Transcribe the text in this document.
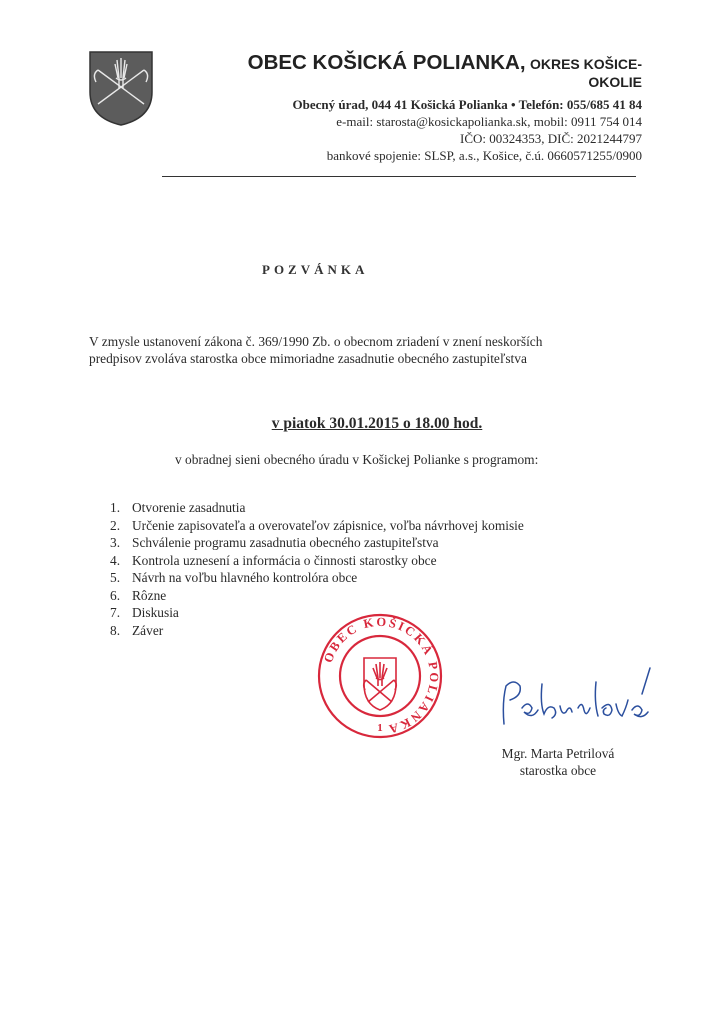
OBEC KOŠICKÁ POLIANKA, OKRES KOŠICE-
OKOLIE
Obecný úrad, 044 41 Košická Polianka • Telefón: 055/685 41 84
e-mail: starosta@kosickapolianka.sk, mobil: 0911 754 014
IČO: 00324353, DIČ: 2021244797
bankové spojenie: SLSP, a.s., Košice, č.ú. 0660571255/0900
POZVÁNKA
V zmysle ustanovení zákona č. 369/1990 Zb. o obecnom zriadení v znení neskorších
predpisov zvoláva starostka obce mimoriadne zasadnutie obecného zastupiteľstva
v piatok 30.01.2015 o 18.00 hod.
v obradnej sieni obecného úradu v Košickej Polianke s programom:
1. Otvorenie zasadnutia
2. Určenie zapisovateľa a overovateľov zápisnice, voľba návrhovej komisie
3. Schválenie programu zasadnutia obecného zastupiteľstva
4. Kontrola uznesení a informácia o činnosti starostky obce
5. Návrh na voľbu hlavného kontrolóra obce
6. Rôzne
7. Diskusia
8. Záver
OBEC KOŠICKÁ POLIANKA
1
Mgr. Marta Petrilová
starostka obce
